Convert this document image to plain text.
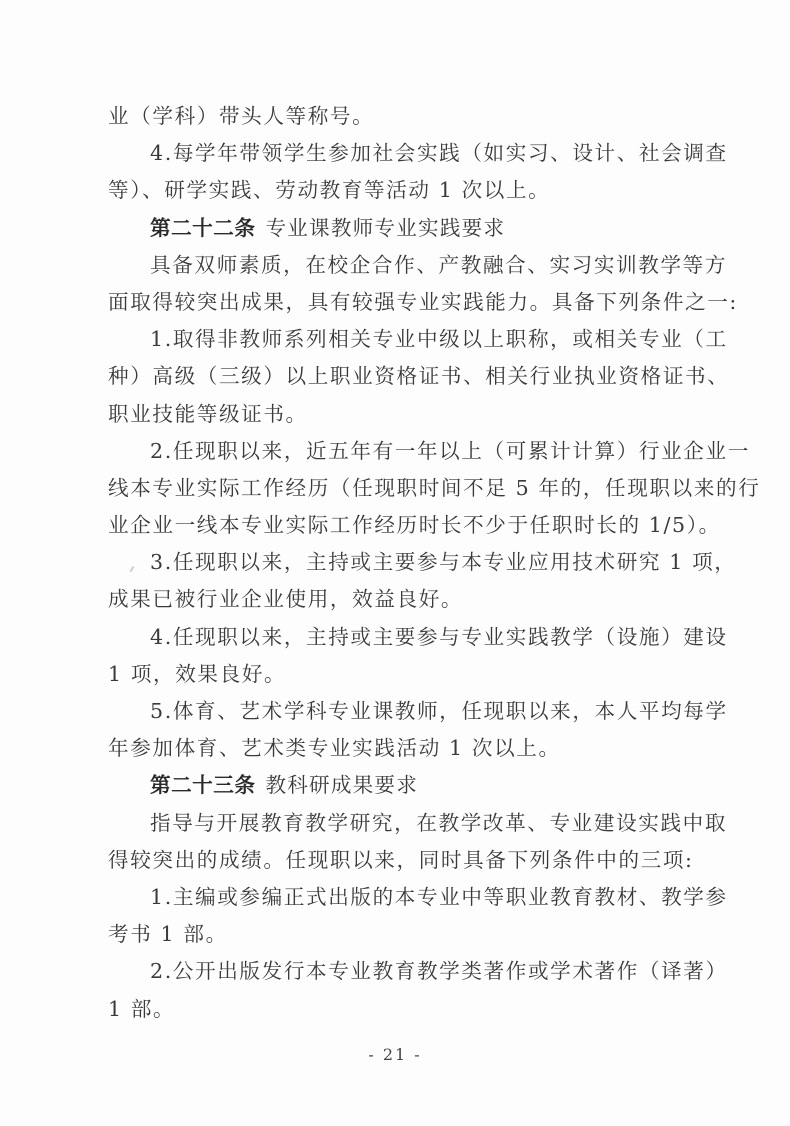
业（学科）带头人等称号。
4.每学年带领学生参加社会实践（如实习、设计、社会调查
等）、研学实践、劳动教育等活动 1 次以上。
第二十二条 专业课教师专业实践要求
具备双师素质，在校企合作、产教融合、实习实训教学等方
面取得较突出成果，具有较强专业实践能力。具备下列条件之一:
1.取得非教师系列相关专业中级以上职称，或相关专业（工
种）高级（三级）以上职业资格证书、相关行业执业资格证书、
职业技能等级证书。
2.任现职以来，近五年有一年以上（可累计计算）行业企业一
线本专业实际工作经历（任现职时间不足 5 年的，任现职以来的行
业企业一线本专业实际工作经历时长不少于任职时长的 1/5）。
3.任现职以来，主持或主要参与本专业应用技术研究 1 项，
成果已被行业企业使用，效益良好。
4.任现职以来，主持或主要参与专业实践教学（设施）建设
1 项，效果良好。
5.体育、艺术学科专业课教师，任现职以来，本人平均每学
年参加体育、艺术类专业实践活动 1 次以上。
第二十三条 教科研成果要求
指导与开展教育教学研究，在教学改革、专业建设实践中取
得较突出的成绩。任现职以来，同时具备下列条件中的三项:
1.主编或参编正式出版的本专业中等职业教育教材、教学参
考书 1 部。
2.公开出版发行本专业教育教学类著作或学术著作（译著）
1 部。
- 21 -
